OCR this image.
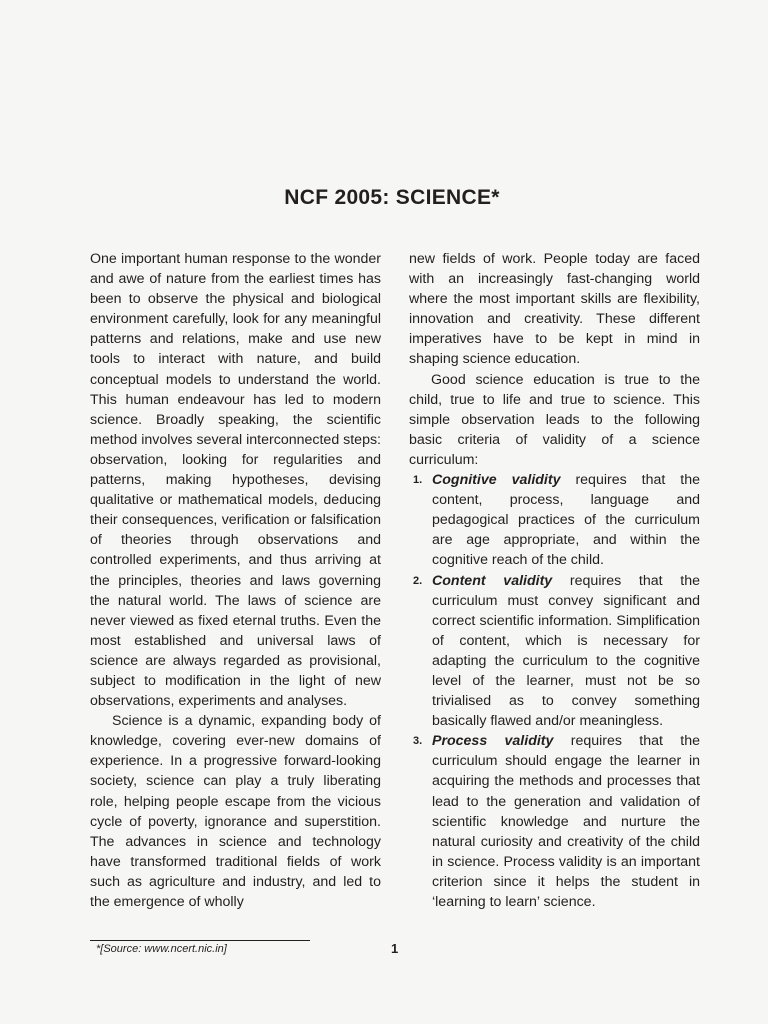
NCF 2005: SCIENCE*

One important human response to the wonder and awe of nature from the earliest times has been to observe the physical and biological environment carefully, look for any meaningful patterns and relations, make and use new tools to interact with nature, and build conceptual models to understand the world. This human endeavour has led to modern science. Broadly speaking, the scientific method involves several interconnected steps: observation, looking for regularities and patterns, making hypotheses, devising qualitative or mathematical models, deducing their consequences, verification or falsification of theories through observations and controlled experiments, and thus arriving at the principles, theories and laws governing the natural world. The laws of science are never viewed as fixed eternal truths. Even the most established and universal laws of science are always regarded as provisional, subject to modification in the light of new observations, experiments and analyses.

Science is a dynamic, expanding body of knowledge, covering ever-new domains of experience. In a progressive forward-looking society, science can play a truly liberating role, helping people escape from the vicious cycle of poverty, ignorance and superstition. The advances in science and technology have transformed traditional fields of work such as agriculture and industry, and led to the emergence of wholly

new fields of work. People today are faced with an increasingly fast-changing world where the most important skills are flexibility, innovation and creativity. These different imperatives have to be kept in mind in shaping science education.

Good science education is true to the child, true to life and true to science. This simple observation leads to the following basic criteria of validity of a science curriculum:

1. Cognitive validity requires that the content, process, language and pedagogical practices of the curriculum are age appropriate, and within the cognitive reach of the child.
2. Content validity requires that the curriculum must convey significant and correct scientific information. Simplification of content, which is necessary for adapting the curriculum to the cognitive level of the learner, must not be so trivialised as to convey something basically flawed and/or meaningless.
3. Process validity requires that the curriculum should engage the learner in acquiring the methods and processes that lead to the generation and validation of scientific knowledge and nurture the natural curiosity and creativity of the child in science. Process validity is an important criterion since it helps the student in ‘learning to learn’ science.
*[Source: www.ncert.nic.in]	1
